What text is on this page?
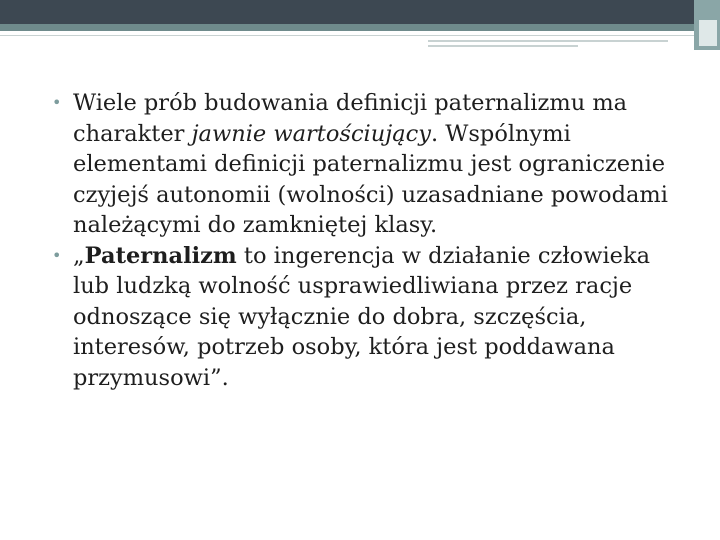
• Wiele prób budowania definicji paternalizmu ma charakter jawnie wartościujący. Wspólnymi elementami definicji paternalizmu jest ograniczenie czyjejś autonomii (wolności) uzasadniane powodami należącymi do zamkniętej klasy.

• „Paternalizm to ingerencja w działanie człowieka lub ludzką wolność usprawiedliwiana przez racje odnoszące się wyłącznie do dobra, szczęścia, interesów, potrzeb osoby, która jest poddawana przymusowi”.
